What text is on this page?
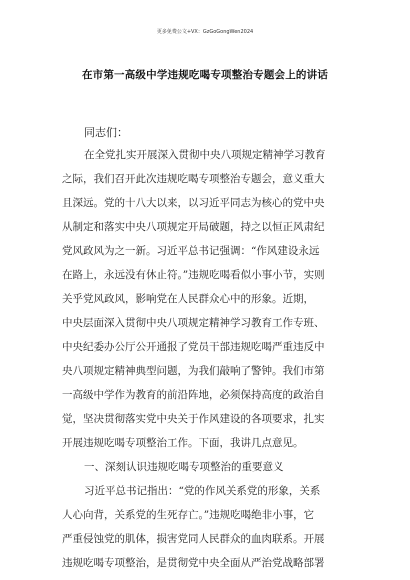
更多免费公文+VX：GzGoGongWen2024
在市第一高级中学违规吃喝专项整治专题会上的讲话
同志们：
在全党扎实开展深入贯彻中央八项规定精神学习教育
之际，我们召开此次违规吃喝专项整治专题会，意义重大
且深远。党的十八大以来，以习近平同志为核心的党中央
从制定和落实中央八项规定开局破题，持之以恒正风肃纪
党风政风为之一新。习近平总书记强调：“作风建设永远
在路上，永远没有休止符。”违规吃喝看似小事小节，实则
关乎党风政风，影响党在人民群众心中的形象。近期，
中央层面深入贯彻中央八项规定精神学习教育工作专班、
中央纪委办公厅公开通报了党员干部违规吃喝严重违反中
央八项规定精神典型问题，为我们敲响了警钟。我们市第
一高级中学作为教育的前沿阵地，必须保持高度的政治自
觉，坚决贯彻落实党中央关于作风建设的各项要求，扎实
开展违规吃喝专项整治工作。下面，我讲几点意见。
一、深刻认识违规吃喝专项整治的重要意义
习近平总书记指出：“党的作风关系党的形象，关系
人心向背，关系党的生死存亡。”违规吃喝绝非小事，它
严重侵蚀党的肌体，损害党同人民群众的血肉联系。开展
违规吃喝专项整治，是贯彻党中央全面从严治党战略部署
